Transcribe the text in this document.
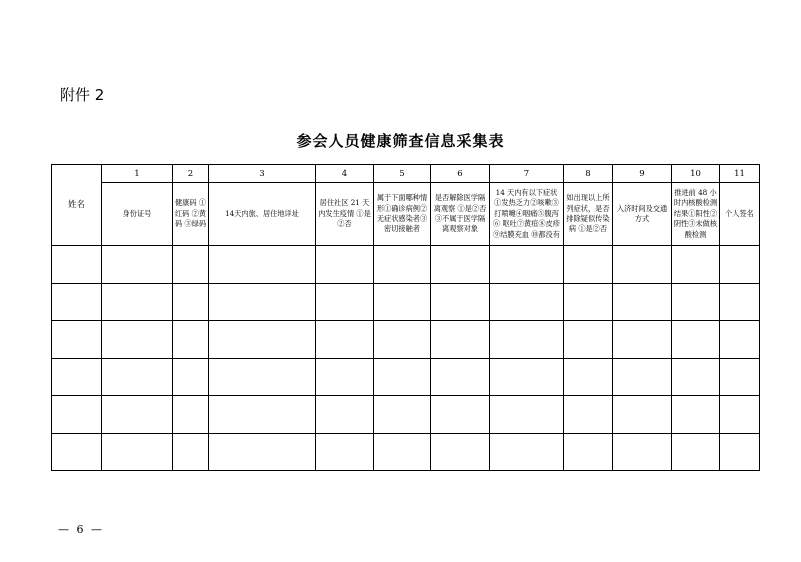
附件 2
参会人员健康筛查信息采集表
姓名	1	2	3	4	5	6	7	8	9	10	11
	身份证号	健康码 ①红码 ②黄码 ③绿码	14天内旅、居住地详址	居住社区 21 天内发生疫情 ①是②否	属于下面哪种情形①确诊病例②无症状感染者③密切接触者	是否解除医学隔离观察 ①是②否③不属于医学隔离观察对象	14 天内有以下症状 ①发热乏力②咳嗽③打喷嚏④咽痛⑤腹泻⑥ 呕吐⑦黄疸⑧皮疹⑨结膜充血 ⑩都没有	如出现以上所列症状，是否排除疑似传染病 ①是②否	入济时间及交通方式	推进前 48 小时内核酸检测结果①阳性②阴性③未做核酸检测	个人签名

— 6 —
